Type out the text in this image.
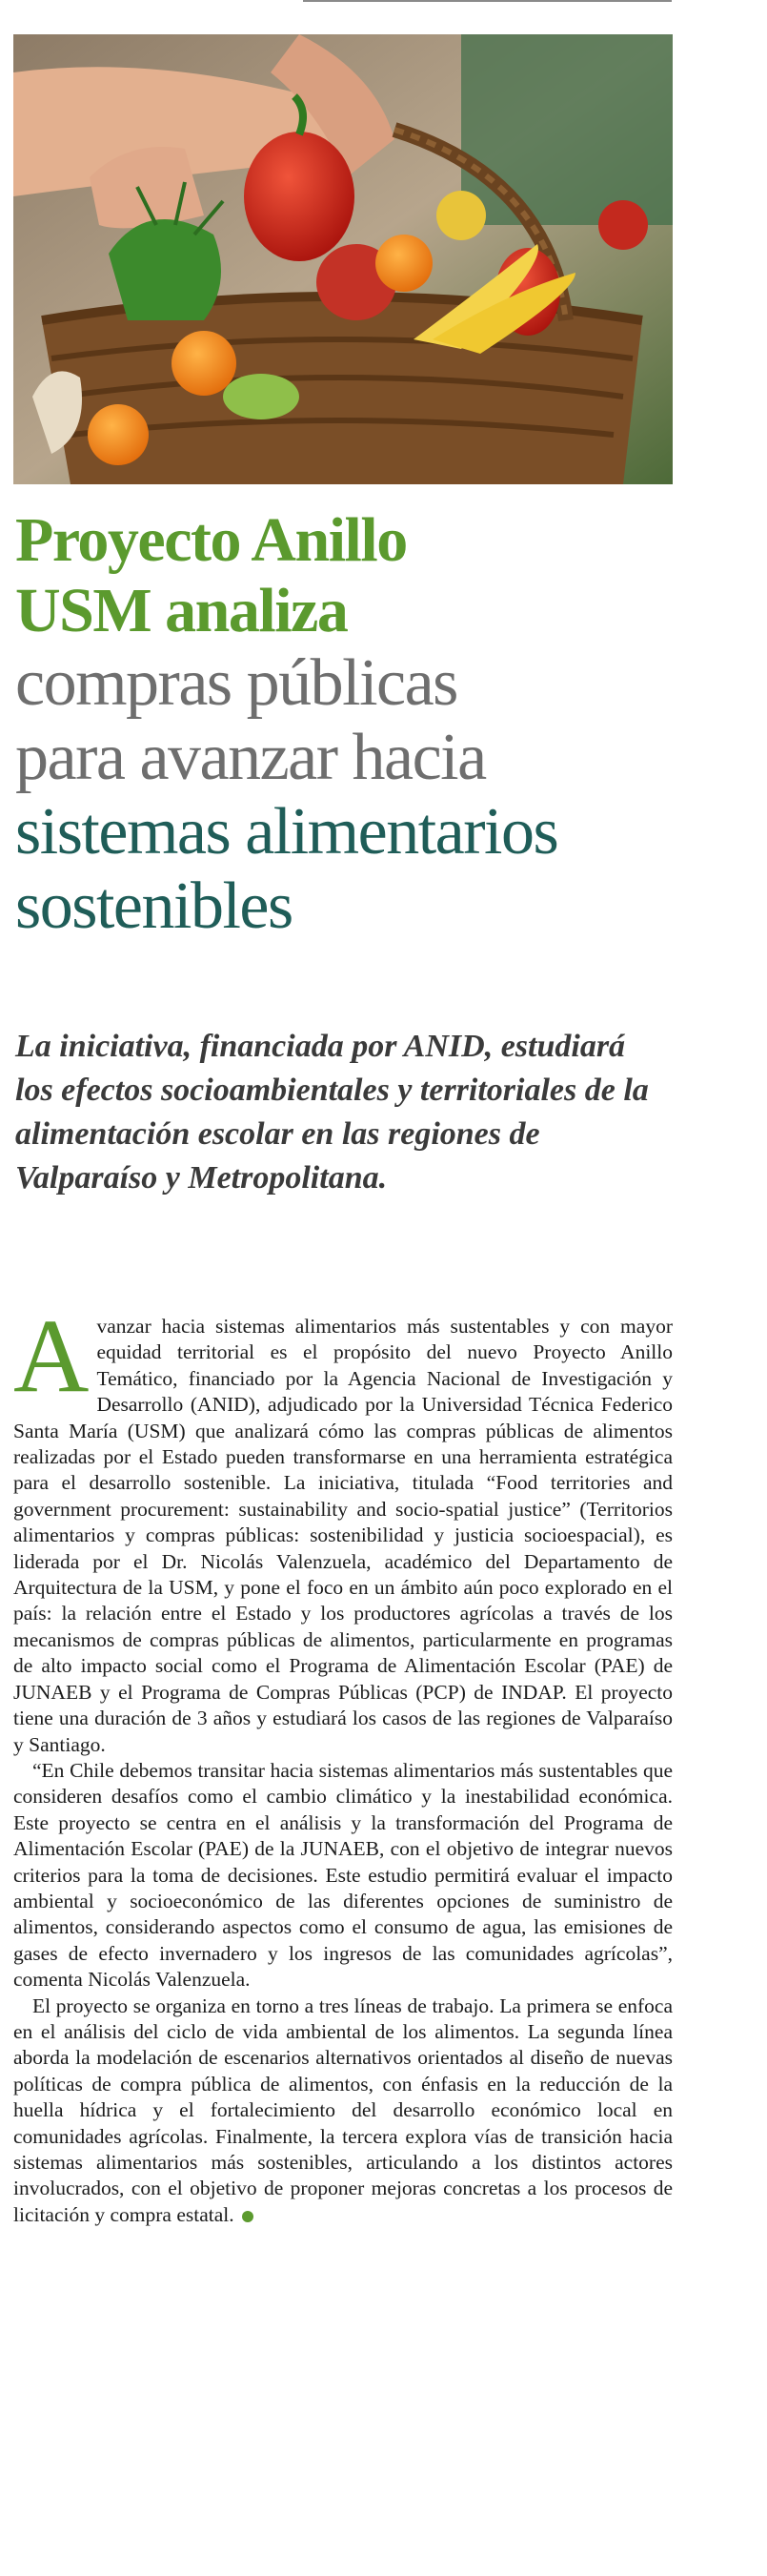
Proyecto Anillo
USM analiza
compras públicas
para avanzar hacia
sistemas alimentarios
sostenibles

La iniciativa, financiada por ANID, estudiará los efectos socioambientales y territoriales de la alimentación escolar en las regiones de Valparaíso y Metropolitana.

Avanzar hacia sistemas alimentarios más sustentables y con mayor equidad territorial es el propósito del nuevo Proyecto Anillo Temático, financiado por la Agencia Nacional de Investigación y Desarrollo (ANID), adjudicado por la Universidad Técnica Federico Santa María (USM) que analizará cómo las compras públicas de alimentos realizadas por el Estado pueden transformarse en una herramienta estratégica para el desarrollo sostenible. La iniciativa, titulada “Food territories and government procurement: sustainability and socio-spatial justice” (Territorios alimentarios y compras públicas: sostenibilidad y justicia socioespacial), es liderada por el Dr. Nicolás Valenzuela, académico del Departamento de Arquitectura de la USM, y pone el foco en un ámbito aún poco explorado en el país: la relación entre el Estado y los productores agrícolas a través de los mecanismos de compras públicas de alimentos, particularmente en programas de alto impacto social como el Programa de Alimentación Escolar (PAE) de JUNAEB y el Programa de Compras Públicas (PCP) de INDAP. El proyecto tiene una duración de 3 años y estudiará los casos de las regiones de Valparaíso y Santiago.

“En Chile debemos transitar hacia sistemas alimentarios más sustentables que consideren desafíos como el cambio climático y la inestabilidad económica. Este proyecto se centra en el análisis y la transformación del Programa de Alimentación Escolar (PAE) de la JUNAEB, con el objetivo de integrar nuevos criterios para la toma de decisiones. Este estudio permitirá evaluar el impacto ambiental y socioeconómico de las diferentes opciones de suministro de alimentos, considerando aspectos como el consumo de agua, las emisiones de gases de efecto invernadero y los ingresos de las comunidades agrícolas”, comenta Nicolás Valenzuela.

El proyecto se organiza en torno a tres líneas de trabajo. La primera se enfoca en el análisis del ciclo de vida ambiental de los alimentos. La segunda línea aborda la modelación de escenarios alternativos orientados al diseño de nuevas políticas de compra pública de alimentos, con énfasis en la reducción de la huella hídrica y el fortalecimiento del desarrollo económico local en comunidades agrícolas. Finalmente, la tercera explora vías de transición hacia sistemas alimentarios más sostenibles, articulando a los distintos actores involucrados, con el objetivo de proponer mejoras concretas a los procesos de licitación y compra estatal.
